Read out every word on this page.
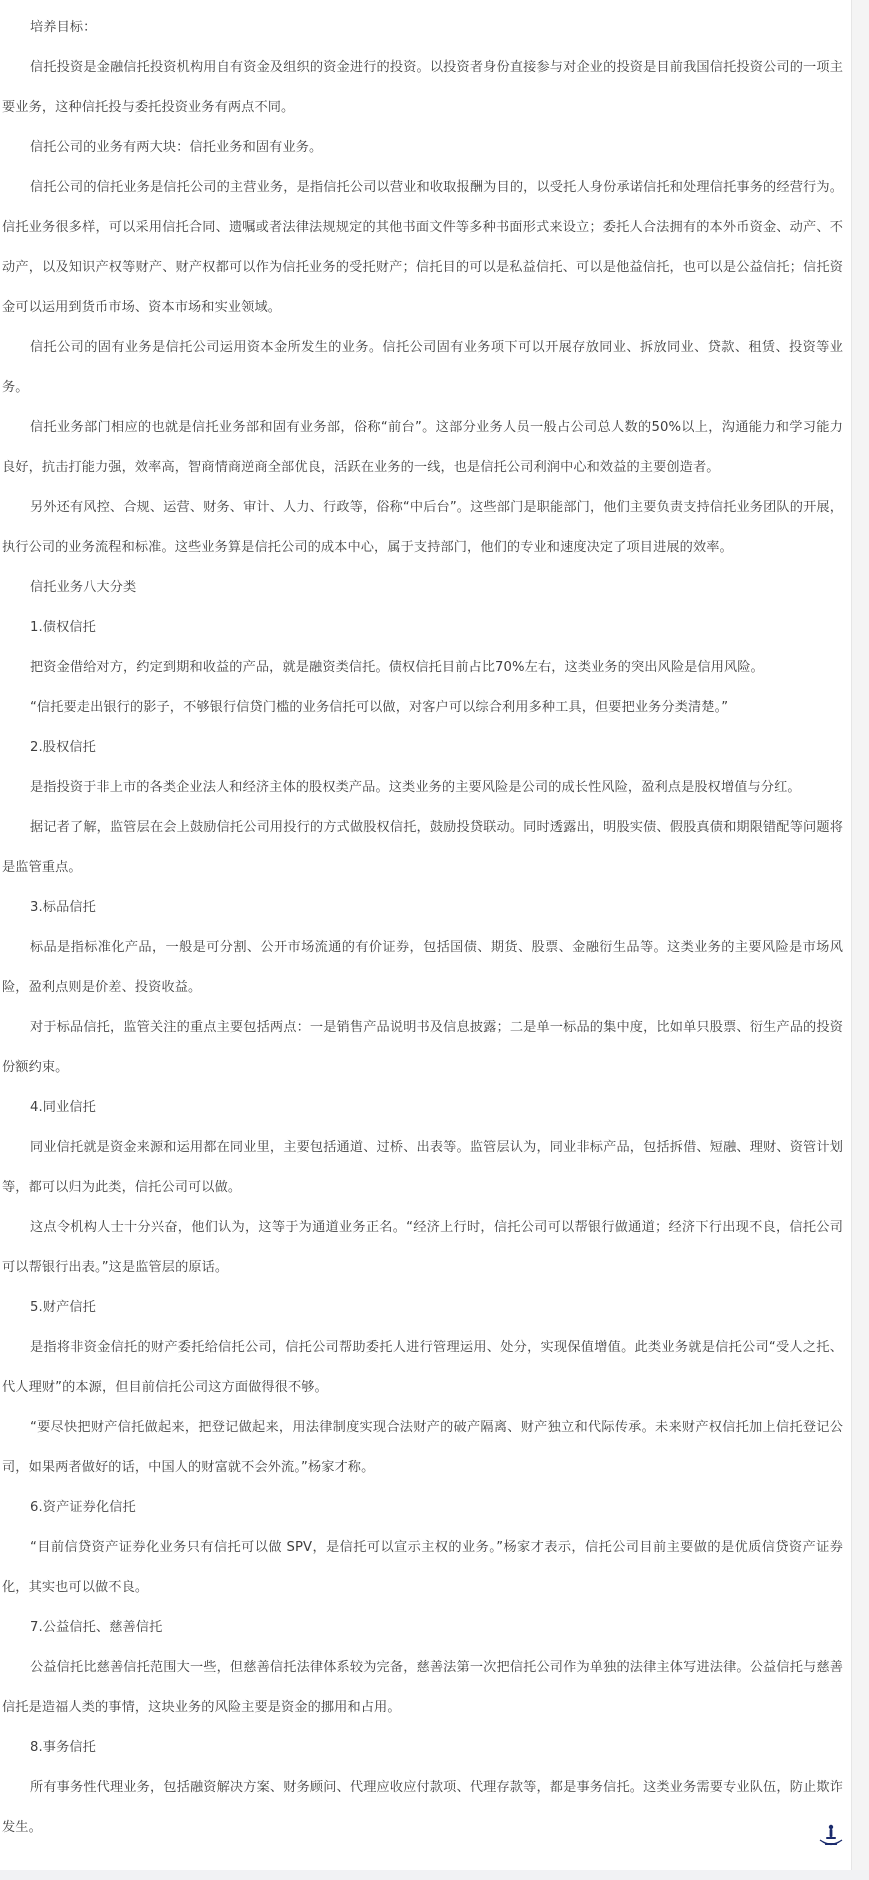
培养目标：

信托投资是金融信托投资机构用自有资金及组织的资金进行的投资。以投资者身份直接参与对企业的投资是目前我国信托投资公司的一项主要业务，这种信托投与委托投资业务有两点不同。

信托公司的业务有两大块：信托业务和固有业务。

信托公司的信托业务是信托公司的主营业务，是指信托公司以营业和收取报酬为目的，以受托人身份承诺信托和处理信托事务的经营行为。信托业务很多样，可以采用信托合同、遗嘱或者法律法规规定的其他书面文件等多种书面形式来设立；委托人合法拥有的本外币资金、动产、不动产，以及知识产权等财产、财产权都可以作为信托业务的受托财产；信托目的可以是私益信托、可以是他益信托，也可以是公益信托；信托资金可以运用到货币市场、资本市场和实业领域。

信托公司的固有业务是信托公司运用资本金所发生的业务。信托公司固有业务项下可以开展存放同业、拆放同业、贷款、租赁、投资等业务。

信托业务部门相应的也就是信托业务部和固有业务部，俗称“前台”。这部分业务人员一般占公司总人数的50%以上，沟通能力和学习能力良好，抗击打能力强，效率高，智商情商逆商全部优良，活跃在业务的一线，也是信托公司利润中心和效益的主要创造者。

另外还有风控、合规、运营、财务、审计、人力、行政等，俗称“中后台”。这些部门是职能部门，他们主要负责支持信托业务团队的开展，执行公司的业务流程和标准。这些业务算是信托公司的成本中心，属于支持部门，他们的专业和速度决定了项目进展的效率。

信托业务八大分类

1.债权信托

把资金借给对方，约定到期和收益的产品，就是融资类信托。债权信托目前占比70%左右，这类业务的突出风险是信用风险。

“信托要走出银行的影子，不够银行信贷门槛的业务信托可以做，对客户可以综合利用多种工具，但要把业务分类清楚。”

2.股权信托

是指投资于非上市的各类企业法人和经济主体的股权类产品。这类业务的主要风险是公司的成长性风险，盈利点是股权增值与分红。

据记者了解，监管层在会上鼓励信托公司用投行的方式做股权信托，鼓励投贷联动。同时透露出，明股实债、假股真债和期限错配等问题将是监管重点。

3.标品信托

标品是指标准化产品，一般是可分割、公开市场流通的有价证券，包括国债、期货、股票、金融衍生品等。这类业务的主要风险是市场风险，盈利点则是价差、投资收益。

对于标品信托，监管关注的重点主要包括两点：一是销售产品说明书及信息披露；二是单一标品的集中度，比如单只股票、衍生产品的投资份额约束。

4.同业信托

同业信托就是资金来源和运用都在同业里，主要包括通道、过桥、出表等。监管层认为，同业非标产品，包括拆借、短融、理财、资管计划等，都可以归为此类，信托公司可以做。

这点令机构人士十分兴奋，他们认为，这等于为通道业务正名。“经济上行时，信托公司可以帮银行做通道；经济下行出现不良，信托公司可以帮银行出表。”这是监管层的原话。

5.财产信托

是指将非资金信托的财产委托给信托公司，信托公司帮助委托人进行管理运用、处分，实现保值增值。此类业务就是信托公司“受人之托、代人理财”的本源，但目前信托公司这方面做得很不够。

“要尽快把财产信托做起来，把登记做起来，用法律制度实现合法财产的破产隔离、财产独立和代际传承。未来财产权信托加上信托登记公司，如果两者做好的话，中国人的财富就不会外流。”杨家才称。

6.资产证券化信托

“目前信贷资产证券化业务只有信托可以做 SPV，是信托可以宣示主权的业务。”杨家才表示，信托公司目前主要做的是优质信贷资产证券化，其实也可以做不良。

7.公益信托、慈善信托

公益信托比慈善信托范围大一些，但慈善信托法律体系较为完备，慈善法第一次把信托公司作为单独的法律主体写进法律。公益信托与慈善信托是造福人类的事情，这块业务的风险主要是资金的挪用和占用。

8.事务信托

所有事务性代理业务，包括融资解决方案、财务顾问、代理应收应付款项、代理存款等，都是事务信托。这类业务需要专业队伍，防止欺诈发生。
